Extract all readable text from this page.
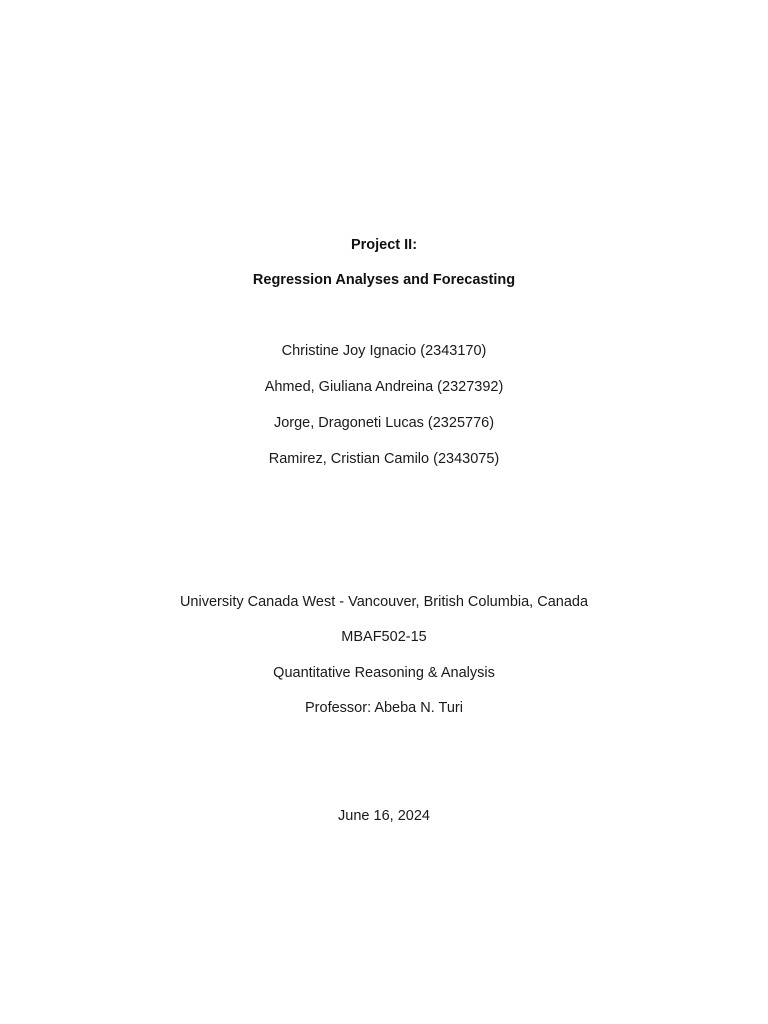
Project II:
Regression Analyses and Forecasting
Christine Joy Ignacio (2343170)
Ahmed, Giuliana Andreina (2327392)
Jorge, Dragoneti Lucas (2325776)
Ramirez, Cristian Camilo (2343075)
University Canada West - Vancouver, British Columbia, Canada
MBAF502-15
Quantitative Reasoning & Analysis
Professor: Abeba N. Turi
June 16, 2024
